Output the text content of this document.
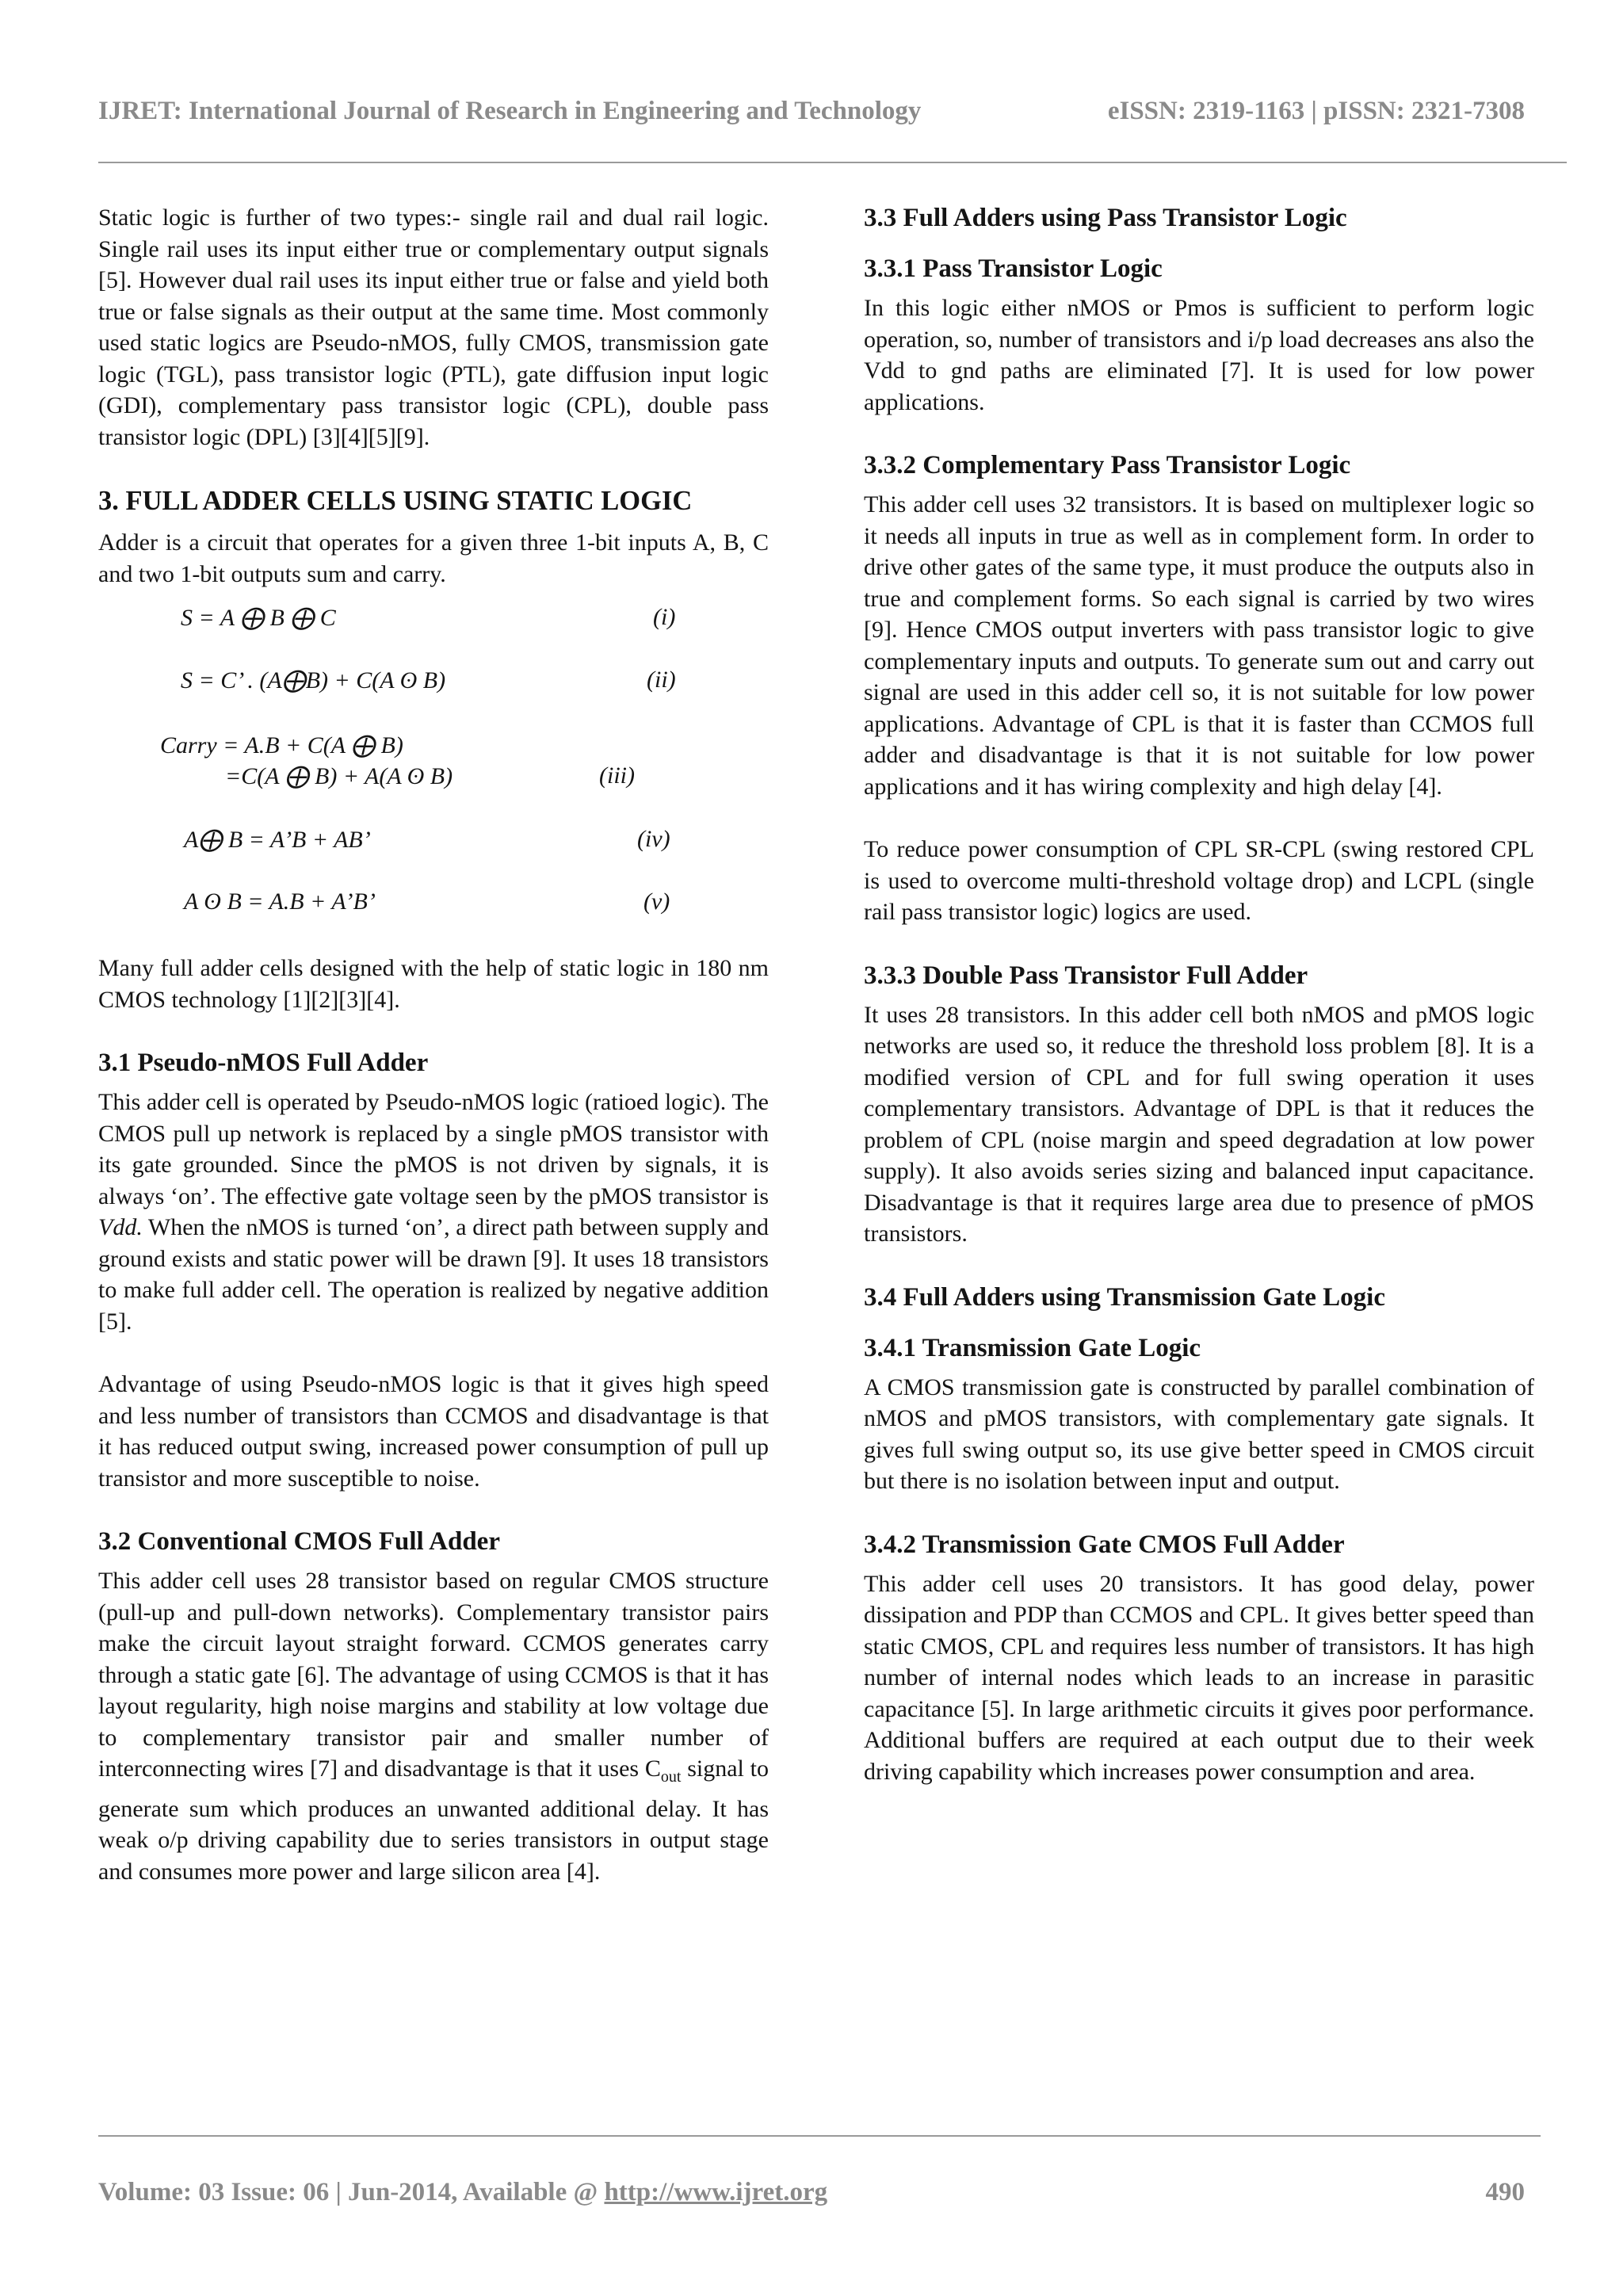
IJRET: International Journal of Research in Engineering and Technology	eISSN: 2319-1163 | pISSN: 2321-7308

Static logic is further of two types:- single rail and dual rail logic. Single rail uses its input either true or complementary output signals [5]. However dual rail uses its input either true or false and yield both true or false signals as their output at the same time. Most commonly used static logics are Pseudo-nMOS, fully CMOS, transmission gate logic (TGL), pass transistor logic (PTL), gate diffusion input logic (GDI), complementary pass transistor logic (CPL), double pass transistor logic (DPL) [3][4][5][9].

3. FULL ADDER CELLS USING STATIC LOGIC

Adder is a circuit that operates for a given three 1-bit inputs A, B, C and two 1-bit outputs sum and carry.

S = A ⨁ B ⨁ C	(i)
S = C’ . (A⨁B) + C(A ʘ B)	(ii)
Carry = A.B + C(A ⨁ B)
=C(A ⨁ B) + A(A ʘ B)	(iii)
A⨁ B = A’B + AB’	(iv)
A ʘ B = A.B + A’B’	(v)

Many full adder cells designed with the help of static logic in 180 nm CMOS technology [1][2][3][4].

3.1 Pseudo-nMOS Full Adder

This adder cell is operated by Pseudo-nMOS logic (ratioed logic). The CMOS pull up network is replaced by a single pMOS transistor with its gate grounded. Since the pMOS is not driven by signals, it is always ‘on’. The effective gate voltage seen by the pMOS transistor is Vdd. When the nMOS is turned ‘on’, a direct path between supply and ground exists and static power will be drawn [9]. It uses 18 transistors to make full adder cell. The operation is realized by negative addition [5].

Advantage of using Pseudo-nMOS logic is that it gives high speed and less number of transistors than CCMOS and disadvantage is that it has reduced output swing, increased power consumption of pull up transistor and more susceptible to noise.

3.2 Conventional CMOS Full Adder

This adder cell uses 28 transistor based on regular CMOS structure (pull-up and pull-down networks). Complementary transistor pairs make the circuit layout straight forward. CCMOS generates carry through a static gate [6]. The advantage of using CCMOS is that it has layout regularity, high noise margins and stability at low voltage due to complementary transistor pair and smaller number of interconnecting wires [7] and disadvantage is that it uses $C_{out}$ signal to generate sum which produces an unwanted additional delay. It has weak o/p driving capability due to series transistors in output stage and consumes more power and large silicon area [4].

3.3 Full Adders using Pass Transistor Logic
3.3.1 Pass Transistor Logic

In this logic either nMOS or Pmos is sufficient to perform logic operation, so, number of transistors and i/p load decreases ans also the Vdd to gnd paths are eliminated [7]. It is used for low power applications.

3.3.2 Complementary Pass Transistor Logic

This adder cell uses 32 transistors. It is based on multiplexer logic so it needs all inputs in true as well as in complement form. In order to drive other gates of the same type, it must produce the outputs also in true and complement forms. So each signal is carried by two wires [9]. Hence CMOS output inverters with pass transistor logic to give complementary inputs and outputs. To generate sum out and carry out signal are used in this adder cell so, it is not suitable for low power applications. Advantage of CPL is that it is faster than CCMOS full adder and disadvantage is that it is not suitable for low power applications and it has wiring complexity and high delay [4].

To reduce power consumption of CPL SR-CPL (swing restored CPL is used to overcome multi-threshold voltage drop) and LCPL (single rail pass transistor logic) logics are used.

3.3.3 Double Pass Transistor Full Adder

It uses 28 transistors. In this adder cell both nMOS and pMOS logic networks are used so, it reduce the threshold loss problem [8]. It is a modified version of CPL and for full swing operation it uses complementary transistors. Advantage of DPL is that it reduces the problem of CPL (noise margin and speed degradation at low power supply). It also avoids series sizing and balanced input capacitance. Disadvantage is that it requires large area due to presence of pMOS transistors.

3.4 Full Adders using Transmission Gate Logic
3.4.1 Transmission Gate Logic

A CMOS transmission gate is constructed by parallel combination of nMOS and pMOS transistors, with complementary gate signals. It gives full swing output so, its use give better speed in CMOS circuit but there is no isolation between input and output.

3.4.2 Transmission Gate CMOS Full Adder

This adder cell uses 20 transistors. It has good delay, power dissipation and PDP than CCMOS and CPL. It gives better speed than static CMOS, CPL and requires less number of transistors. It has high number of internal nodes which leads to an increase in parasitic capacitance [5]. In large arithmetic circuits it gives poor performance. Additional buffers are required at each output due to their week driving capability which increases power consumption and area.

Volume: 03 Issue: 06 | Jun-2014, Available @ http://www.ijret.org	490
